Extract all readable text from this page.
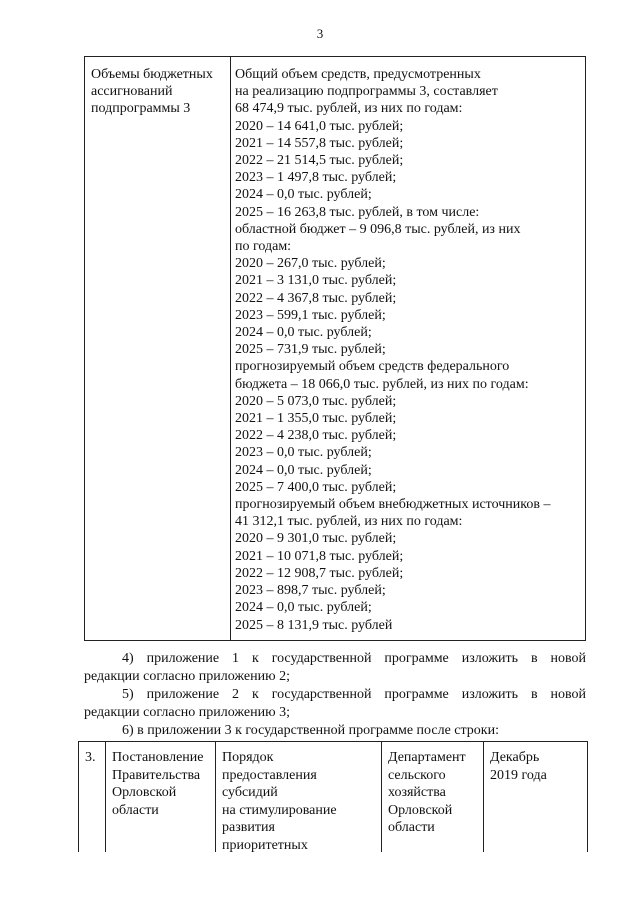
3
Объемы бюджетных
ассигнований
подпрограммы 3
Общий объем средств, предусмотренных
на реализацию подпрограммы 3, составляет
68 474,9 тыс. рублей, из них по годам:
2020 – 14 641,0 тыс. рублей;
2021 – 14 557,8 тыс. рублей;
2022 – 21 514,5 тыс. рублей;
2023 – 1 497,8 тыс. рублей;
2024 – 0,0 тыс. рублей;
2025 – 16 263,8 тыс. рублей, в том числе:
областной бюджет – 9 096,8 тыс. рублей, из них
по годам:
2020 – 267,0 тыс. рублей;
2021 – 3 131,0 тыс. рублей;
2022 – 4 367,8 тыс. рублей;
2023 – 599,1 тыс. рублей;
2024 – 0,0 тыс. рублей;
2025 – 731,9 тыс. рублей;
прогнозируемый объем средств федерального
бюджета – 18 066,0 тыс. рублей, из них по годам:
2020 – 5 073,0 тыс. рублей;
2021 – 1 355,0 тыс. рублей;
2022 – 4 238,0 тыс. рублей;
2023 – 0,0 тыс. рублей;
2024 – 0,0 тыс. рублей;
2025 – 7 400,0 тыс. рублей;
прогнозируемый объем внебюджетных источников –
41 312,1 тыс. рублей, из них по годам:
2020 – 9 301,0 тыс. рублей;
2021 – 10 071,8 тыс. рублей;
2022 – 12 908,7 тыс. рублей;
2023 – 898,7 тыс. рублей;
2024 – 0,0 тыс. рублей;
2025 – 8 131,9 тыс. рублей

4) приложение 1 к государственной программе изложить в новой

редакции согласно приложению 2;

5) приложение 2 к государственной программе изложить в новой

редакции согласно приложению 3;

6) в приложении 3 к государственной программе после строки:

3.	Постановление
Правительства
Орловской
области
Порядок
предоставления
субсидий
на стимулирование
развития
приоритетных
Департамент
сельского
хозяйства
Орловской
области
Декабрь
2019 года
